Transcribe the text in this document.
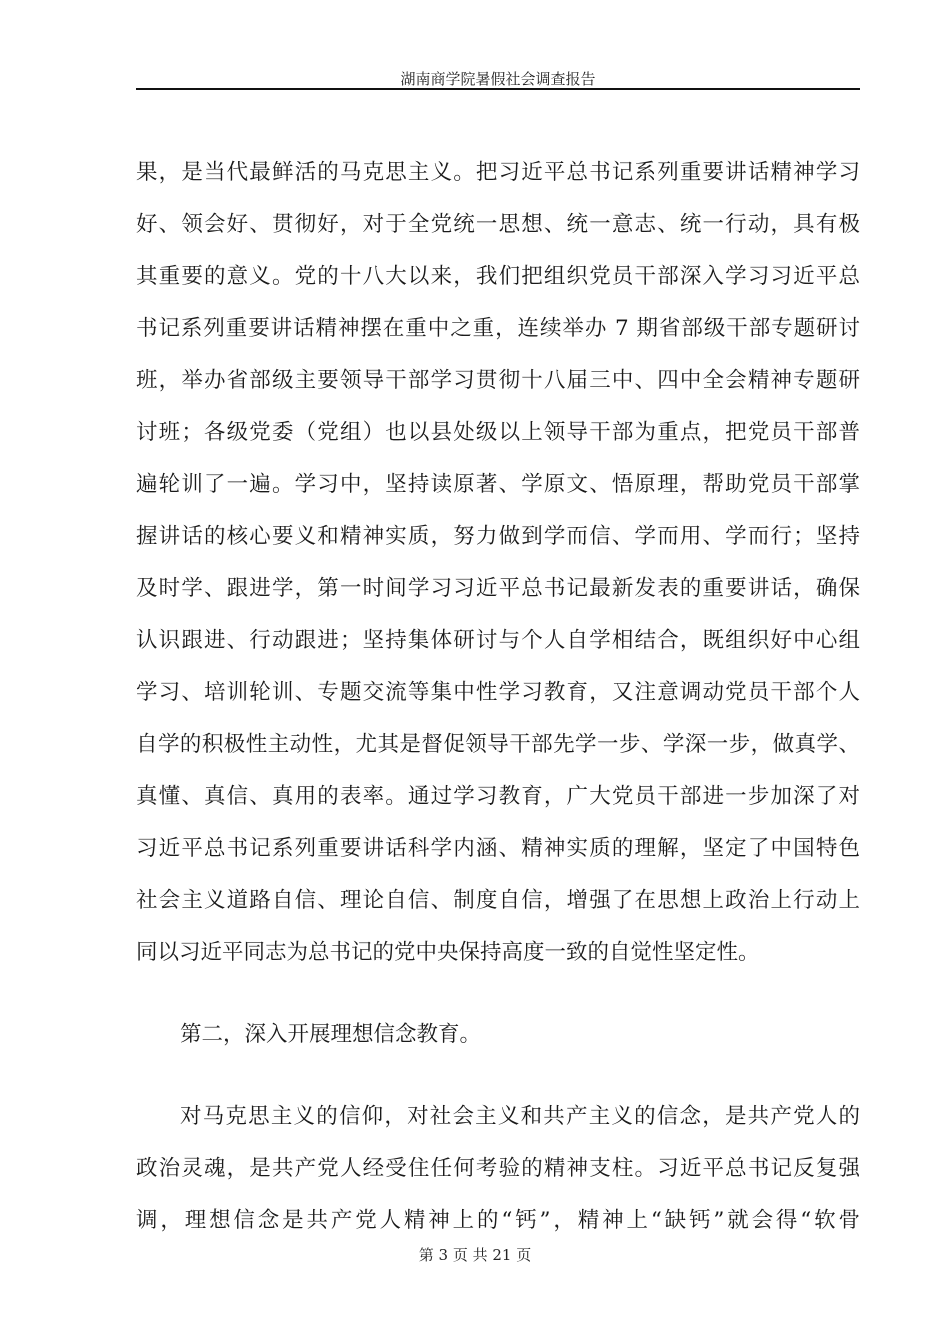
湖南商学院暑假社会调查报告
果，是当代最鲜活的马克思主义。把习近平总书记系列重要讲话精神学习
好、领会好、贯彻好，对于全党统一思想、统一意志、统一行动，具有极
其重要的意义。党的十八大以来，我们把组织党员干部深入学习习近平总
书记系列重要讲话精神摆在重中之重，连续举办 7 期省部级干部专题研讨
班，举办省部级主要领导干部学习贯彻十八届三中、四中全会精神专题研
讨班；各级党委（党组）也以县处级以上领导干部为重点，把党员干部普
遍轮训了一遍。学习中，坚持读原著、学原文、悟原理，帮助党员干部掌
握讲话的核心要义和精神实质，努力做到学而信、学而用、学而行；坚持
及时学、跟进学，第一时间学习习近平总书记最新发表的重要讲话，确保
认识跟进、行动跟进；坚持集体研讨与个人自学相结合，既组织好中心组
学习、培训轮训、专题交流等集中性学习教育，又注意调动党员干部个人
自学的积极性主动性，尤其是督促领导干部先学一步、学深一步，做真学、
真懂、真信、真用的表率。通过学习教育，广大党员干部进一步加深了对
习近平总书记系列重要讲话科学内涵、精神实质的理解，坚定了中国特色
社会主义道路自信、理论自信、制度自信，增强了在思想上政治上行动上
同以习近平同志为总书记的党中央保持高度一致的自觉性坚定性。
第二，深入开展理想信念教育。
对马克思主义的信仰，对社会主义和共产主义的信念，是共产党人的
政治灵魂，是共产党人经受住任何考验的精神支柱。习近平总书记反复强
调，理想信念是共产党人精神上的“钙”，精神上“缺钙”就会得“软骨
第 3 页 共 21 页
